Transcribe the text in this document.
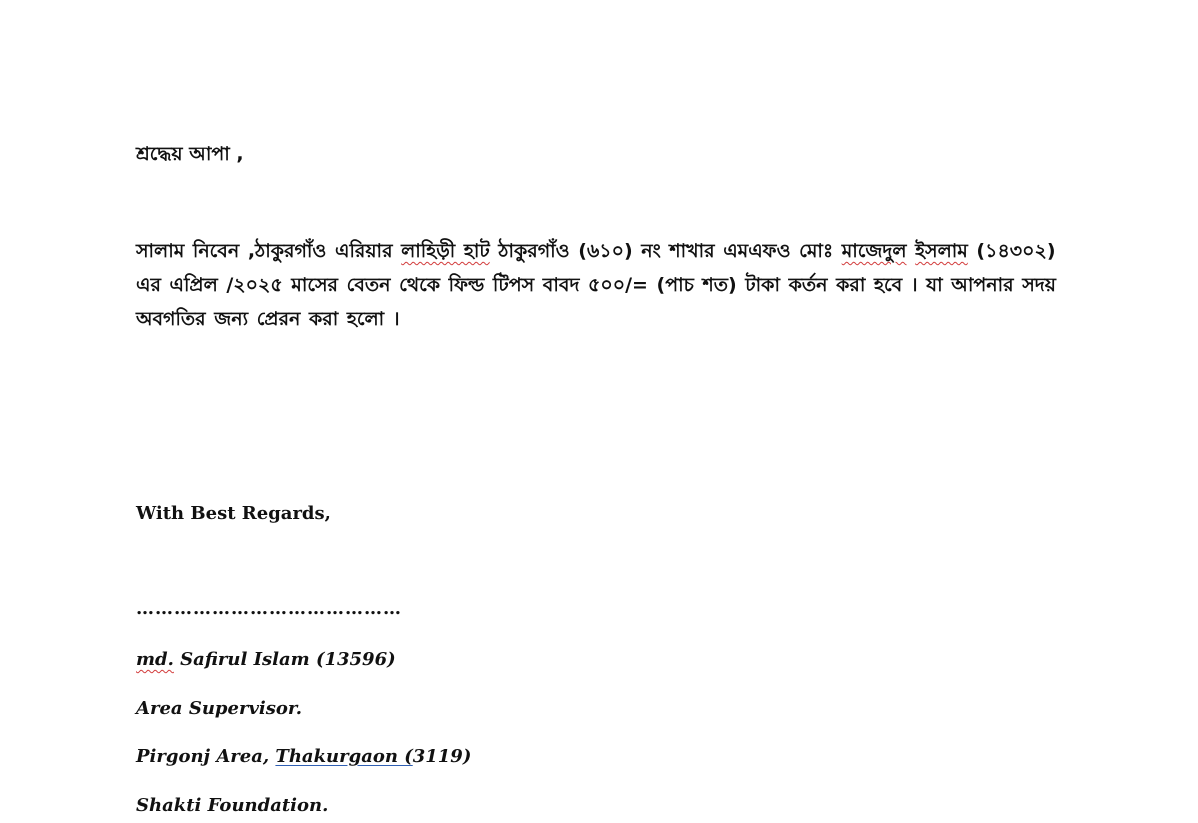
শ্রদ্ধেয় আপা ,
সালাম নিবেন ,ঠাকুরগাঁও এরিয়ার লাহিড়ী হাট ঠাকুরগাঁও (৬১০) নং শাখার এমএফও মোঃ মাজেদুল ইসলাম (১৪৩০২) এর এপ্রিল /২০২৫ মাসের বেতন থেকে ফিল্ড টিপস বাবদ ৫০০/= (পাচ শত) টাকা কর্তন করা হবে । যা আপনার সদয় অবগতির জন্য প্রেরন করা হলো ।
With Best Regards,
……………………………………
md. Safirul Islam (13596)
Area Supervisor.
Pirgonj Area, Thakurgaon (3119)
Shakti Foundation.
